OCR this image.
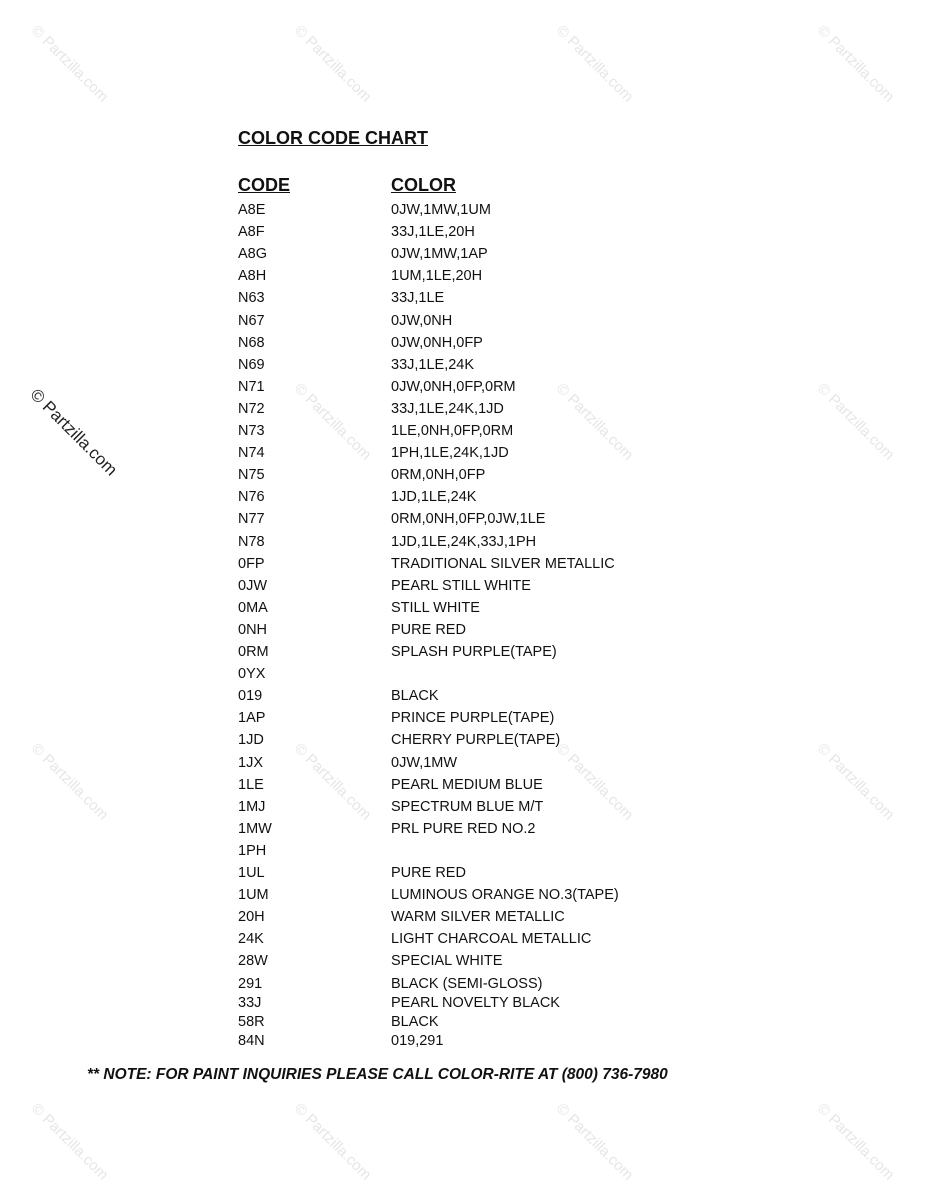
© Partzilla.com	© Partzilla.com	© Partzilla.com	© Partzilla.com
© Partzilla.com	© Partzilla.com	© Partzilla.com
© Partzilla.com	© Partzilla.com	© Partzilla.com	© Partzilla.com
© Partzilla.com	© Partzilla.com	© Partzilla.com	© Partzilla.com
© Partzilla.com
COLOR CODE CHART
CODE	COLOR
A8E	0JW,1MW,1UM
A8F	33J,1LE,20H
A8G	0JW,1MW,1AP
A8H	1UM,1LE,20H
N63	33J,1LE
N67	0JW,0NH
N68	0JW,0NH,0FP
N69	33J,1LE,24K
N71	0JW,0NH,0FP,0RM
N72	33J,1LE,24K,1JD
N73	1LE,0NH,0FP,0RM
N74	1PH,1LE,24K,1JD
N75	0RM,0NH,0FP
N76	1JD,1LE,24K
N77	0RM,0NH,0FP,0JW,1LE
N78	1JD,1LE,24K,33J,1PH
0FP	TRADITIONAL SILVER METALLIC
0JW	PEARL STILL WHITE
0MA	STILL WHITE
0NH	PURE RED
0RM	SPLASH PURPLE(TAPE)
0YX
019	BLACK
1AP	PRINCE PURPLE(TAPE)
1JD	CHERRY PURPLE(TAPE)
1JX	0JW,1MW
1LE	PEARL MEDIUM BLUE
1MJ	SPECTRUM BLUE M/T
1MW	PRL PURE RED NO.2
1PH
1UL	PURE RED
1UM	LUMINOUS ORANGE NO.3(TAPE)
20H	WARM SILVER METALLIC
24K	LIGHT CHARCOAL METALLIC
28W	SPECIAL WHITE
291	BLACK (SEMI-GLOSS)
33J	PEARL NOVELTY BLACK
58R	BLACK
84N	019,291
** NOTE: FOR PAINT INQUIRIES PLEASE CALL COLOR-RITE AT (800) 736-7980
